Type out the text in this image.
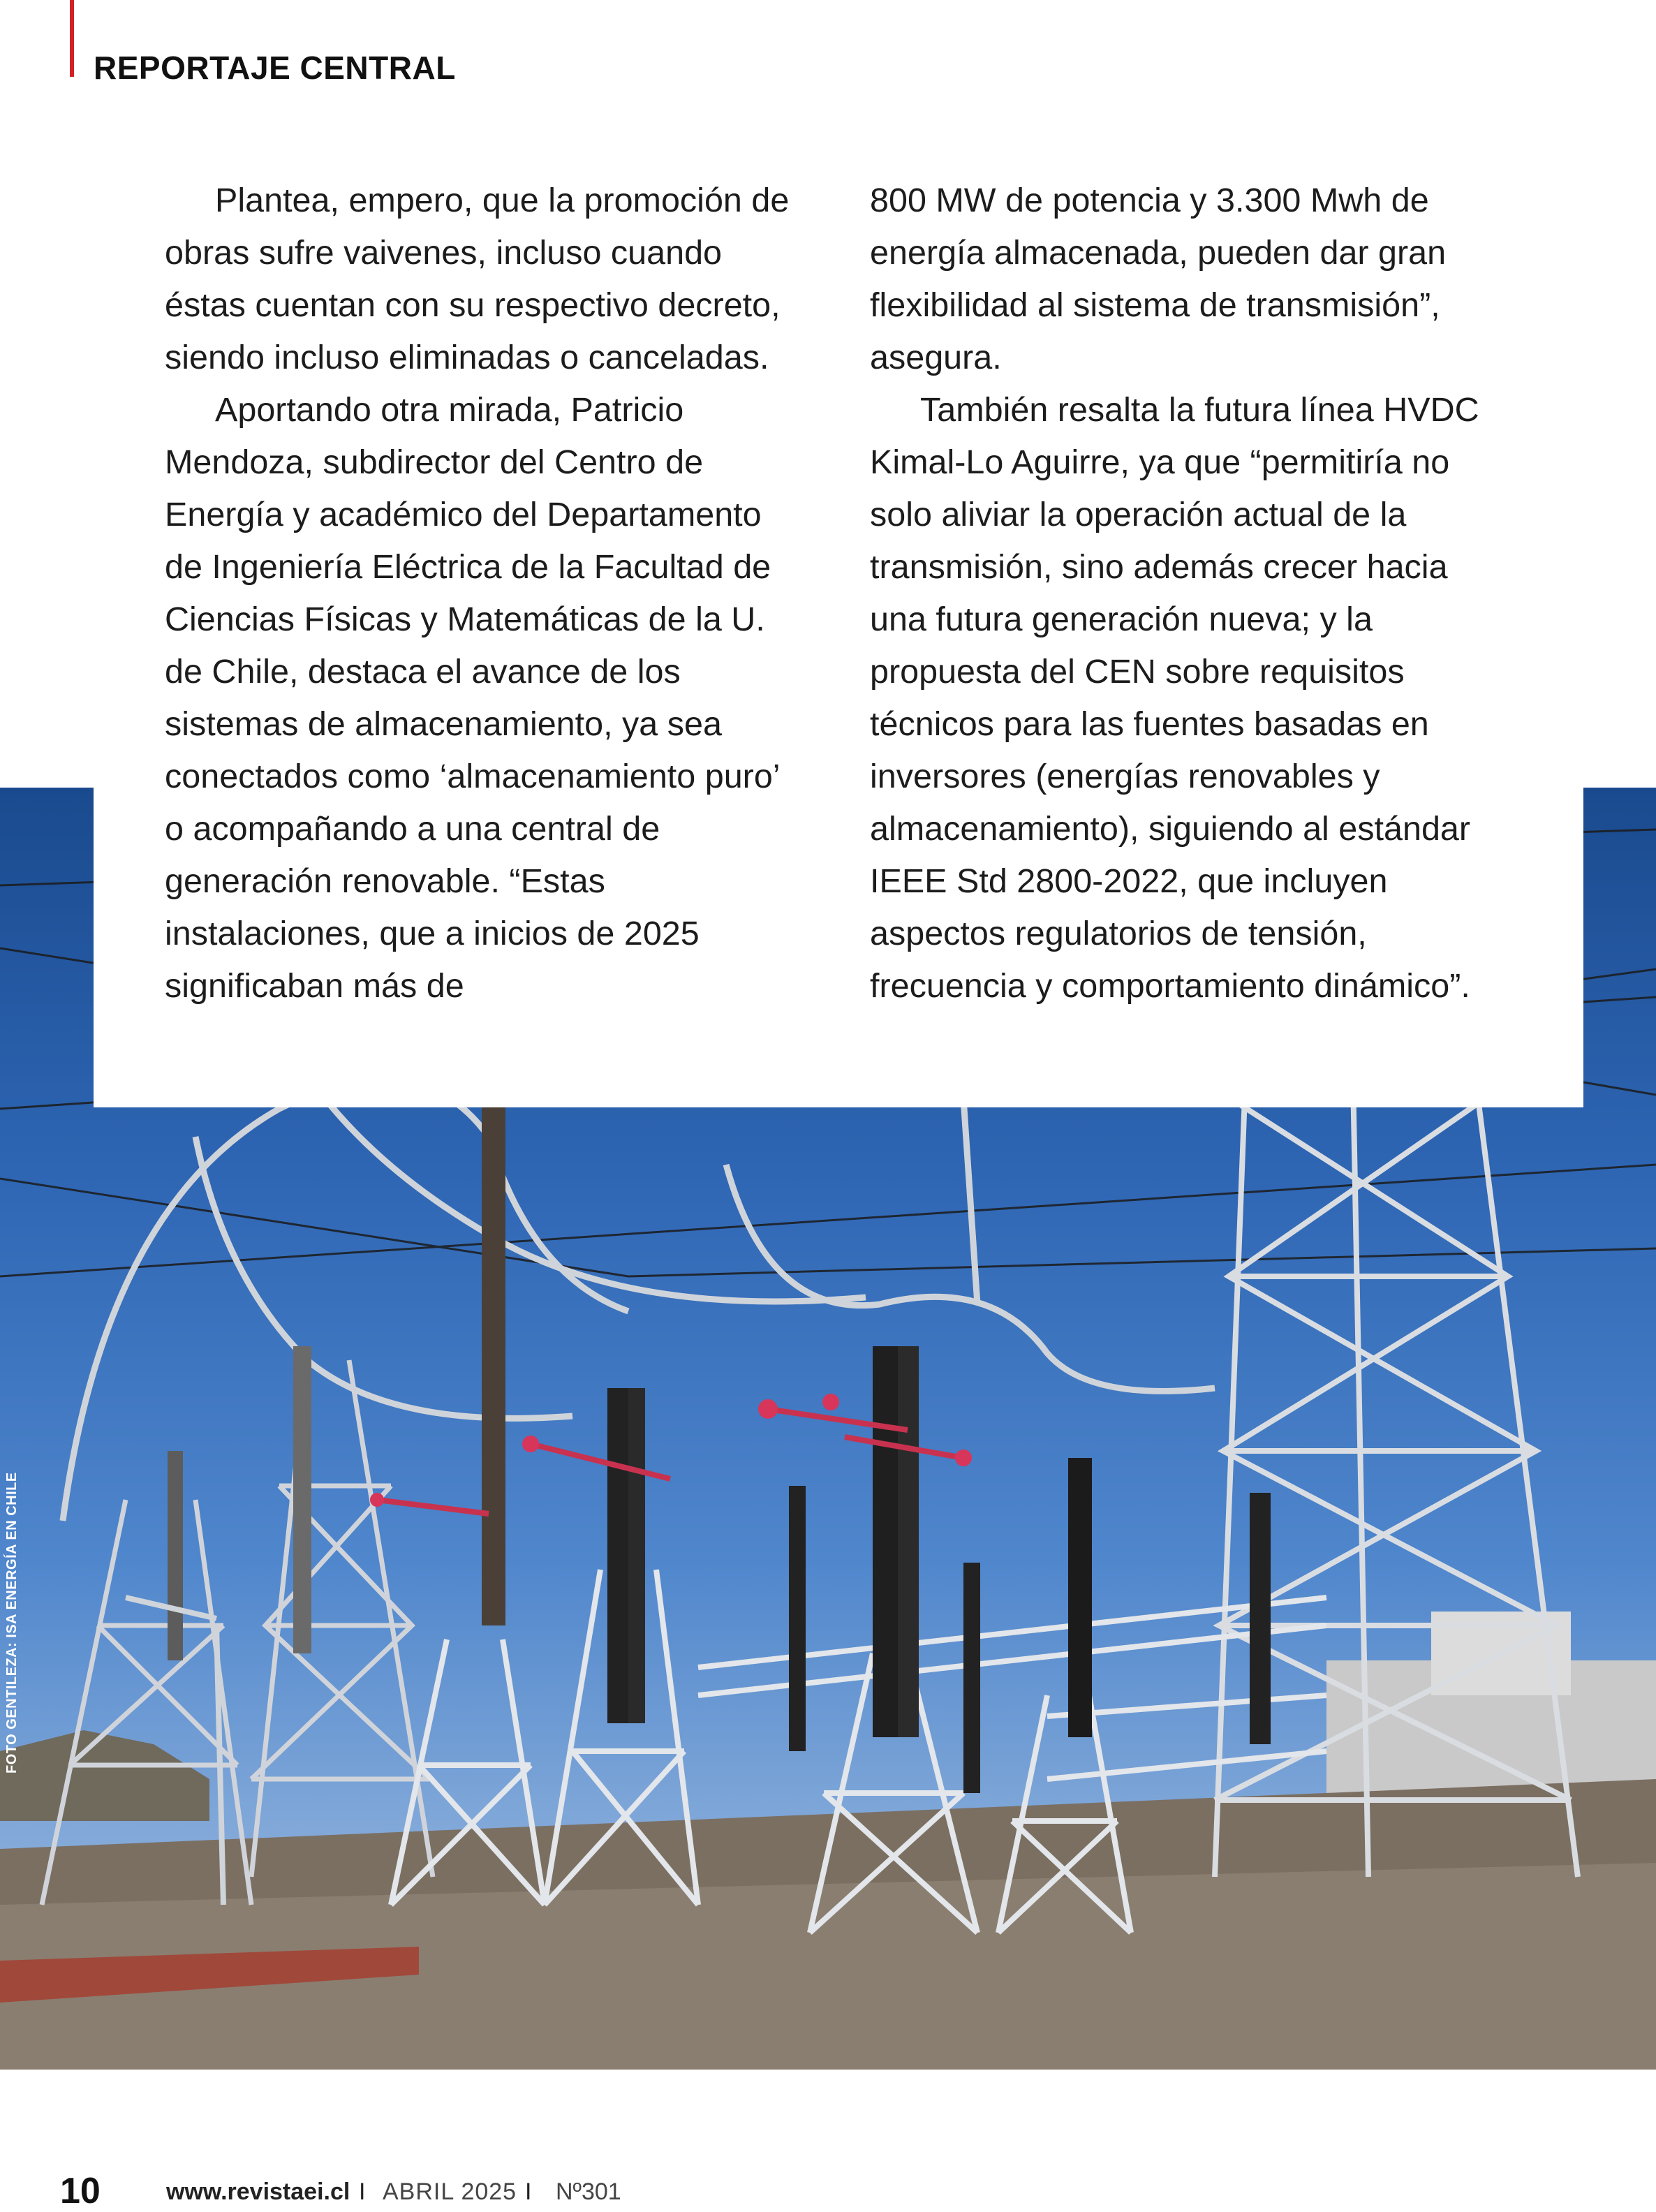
REPORTAJE CENTRAL
FOTO GENTILEZA: ISA ENERGÍA EN CHILE

Plantea, empero, que la promoción de obras sufre vaivenes, incluso cuando éstas cuentan con su respectivo decreto, siendo incluso eliminadas o canceladas.

Aportando otra mirada, Patricio Mendoza, subdirector del Centro de Energía y académico del Departamento de Ingeniería Eléctrica de la Facultad de Ciencias Físicas y Matemáticas de la U. de Chile, destaca el avance de los sistemas de almacenamiento, ya sea conectados como ‘almacenamiento puro’ o acompañando a una central de generación renovable. “Estas instalaciones, que a inicios de 2025 significaban más de

800 MW de potencia y 3.300 Mwh de energía almacenada, pueden dar gran flexibilidad al sistema de transmisión”, asegura.

También resalta la futura línea HVDC Kimal-Lo Aguirre, ya que “permitiría no solo aliviar la operación actual de la transmisión, sino además crecer hacia una futura generación nueva; y la propuesta del CEN sobre requisitos técnicos para las fuentes basadas en inversores (energías renovables y almacenamiento), siguiendo al estándar IEEE Std 2800-2022, que incluyen aspectos regulatorios de tensión, frecuencia y comportamiento dinámico”.

10	www.revistaei.cl I ABRIL 2025 I Nº301
